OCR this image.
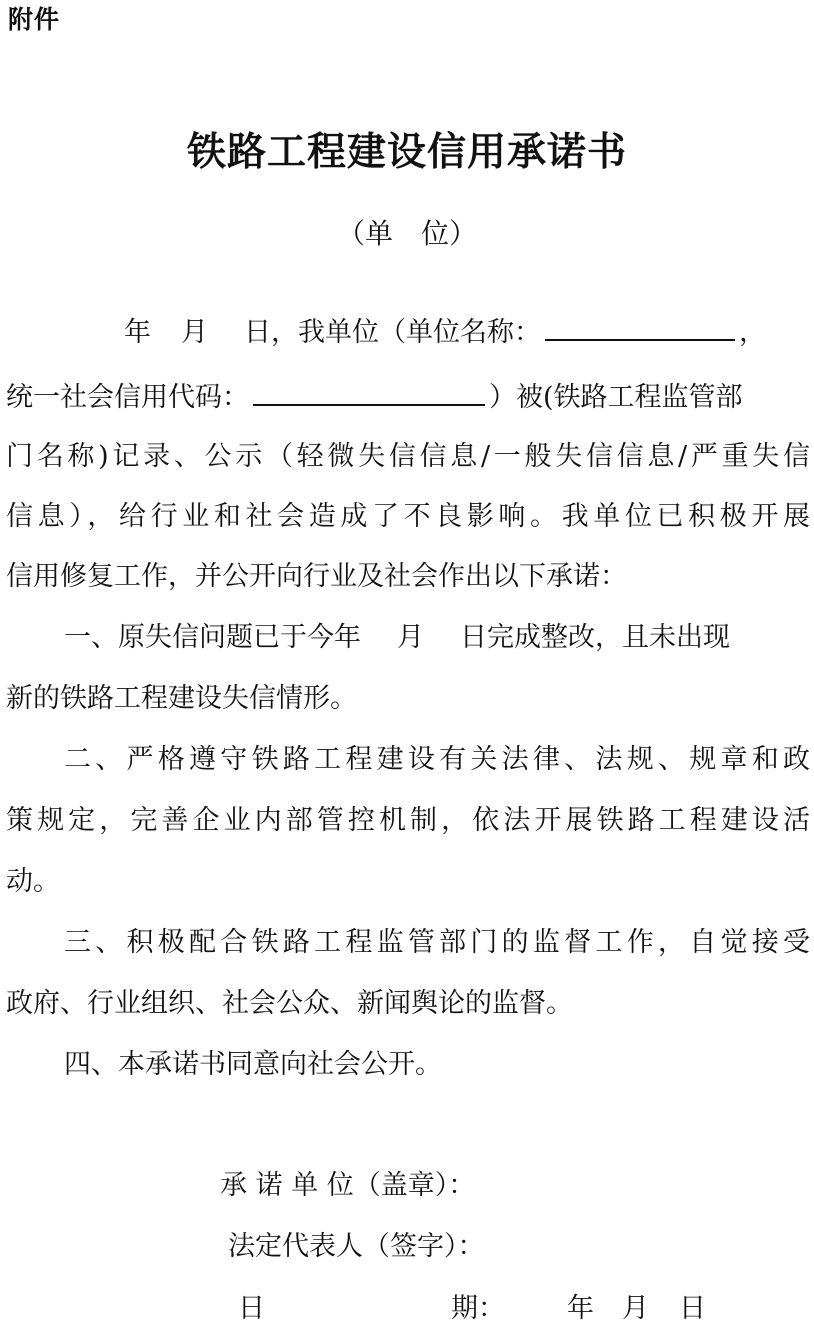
附件
铁路工程建设信用承诺书
（单 位）
年 月 日，我单位（单位名称：	，
统一社会信用代码：	）被(铁路工程监管部
门名称)记录、公示（轻微失信信息/一般失信信息/严重失信
信息），给行业和社会造成了不良影响。我单位已积极开展
信用修复工作，并公开向行业及社会作出以下承诺：
一、原失信问题已于今年 月 日完成整改，且未出现
新的铁路工程建设失信情形。
二、严格遵守铁路工程建设有关法律、法规、规章和政
策规定，完善企业内部管控机制，依法开展铁路工程建设活
动。
三、积极配合铁路工程监管部门的监督工作，自觉接受
政府、行业组织、社会公众、新闻舆论的监督。
四、本承诺书同意向社会公开。
承 诺 单 位（盖章）：
法定代表人（签字）：
日	期： 年 月 日
